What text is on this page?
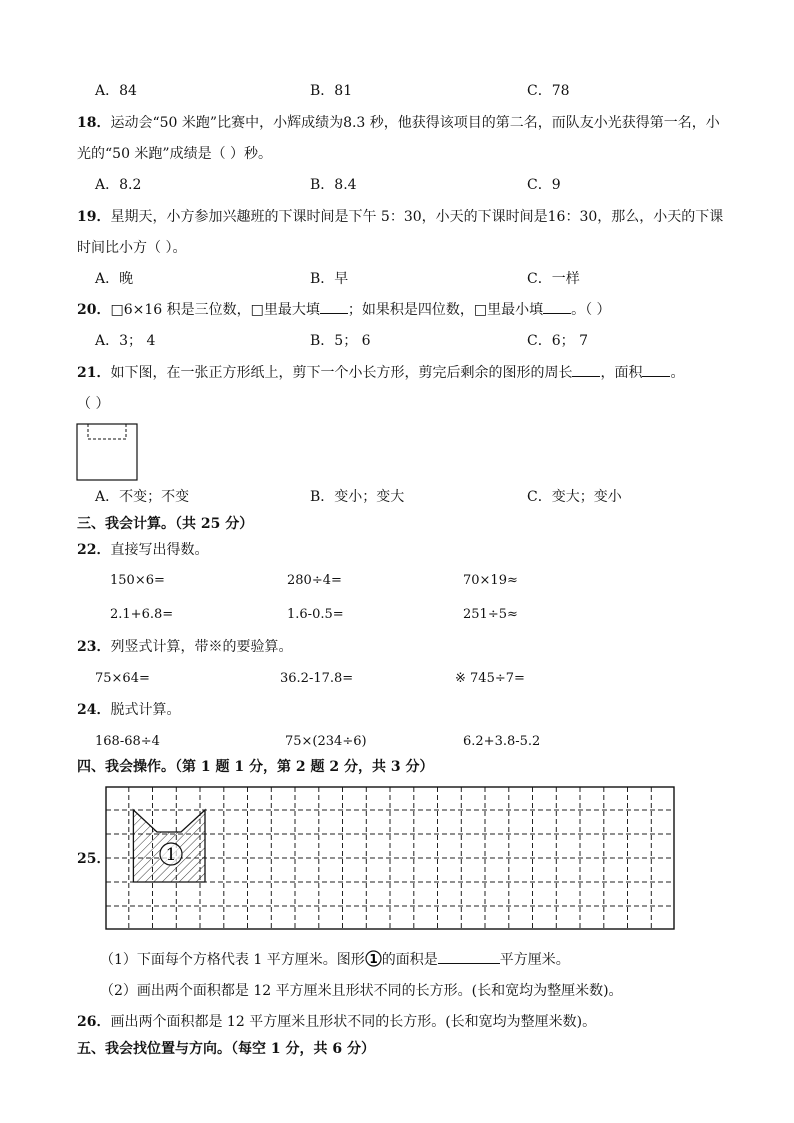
A．84	B．81	C．78
18．运动会“50 米跑”比赛中，小辉成绩为8.3 秒，他获得该项目的第二名，而队友小光获得第一名，小
光的“50 米跑”成绩是（ ）秒。
A．8.2	B．8.4	C．9
19．星期天，小方参加兴趣班的下课时间是下午 5：30，小天的下课时间是16：30，那么，小天的下课
时间比小方（ ）。
A．晚	B．早	C．一样
20．□6×16 积是三位数，□里最大填 ；如果积是四位数，□里最小填 。（ ）
A．3； 4	B．5； 6	C．6； 7
21．如下图，在一张正方形纸上，剪下一个小长方形，剪完后剩余的图形的周长 ，面积 。
（ ）
A．不变；不变	B．变小；变大	C．变大；变小
三、我会计算。（共 25 分）
22．直接写出得数。
150×6=	280÷4=	70×19≈
2.1+6.8=	1.6-0.5=	251÷5≈
23．列竖式计算，带※的要验算。
75×64=	36.2-17.8=	※ 745÷7=
24．脱式计算。
168-68÷4	75×(234÷6)	6.2+3.8-5.2
四、我会操作。（第 1 题 1 分，第 2 题 2 分，共 3 分）
25．	1
（1）下面每个方格代表 1 平方厘米。图形 1 的面积是	平方厘米。
（2）画出两个面积都是 12 平方厘米且形状不同的长方形。(长和宽均为整厘米数)。
26．画出两个面积都是 12 平方厘米且形状不同的长方形。(长和宽均为整厘米数)。
五、我会找位置与方向。（每空 1 分，共 6 分）
